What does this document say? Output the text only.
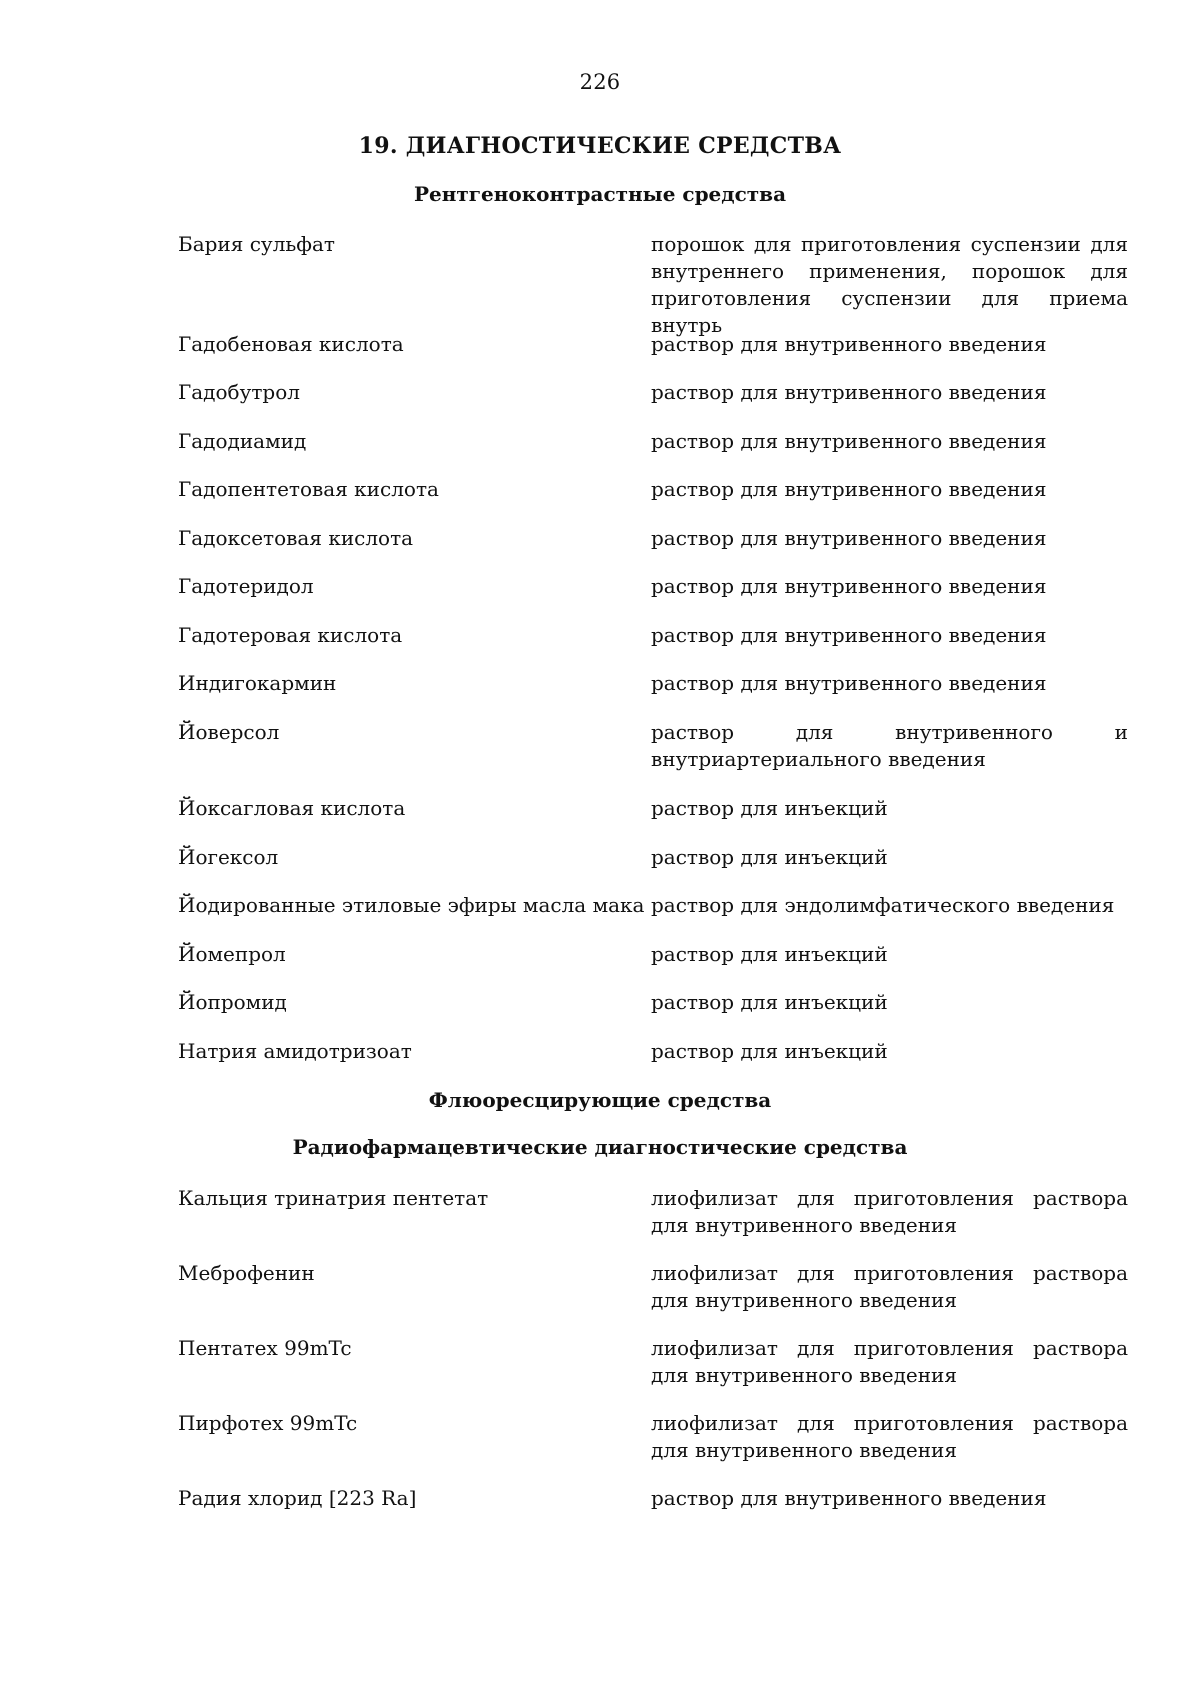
226
19. ДИАГНОСТИЧЕСКИЕ СРЕДСТВА
Рентгеноконтрастные средства
Бария сульфат	порошок для приготовления суспензии для внутреннего применения, порошок для приготовления суспензии для приема внутрь
Гадобеновая кислота	раствор для внутривенного введения
Гадобутрол	раствор для внутривенного введения
Гадодиамид	раствор для внутривенного введения
Гадопентетовая кислота	раствор для внутривенного введения
Гадоксетовая кислота	раствор для внутривенного введения
Гадотеридол	раствор для внутривенного введения
Гадотеровая кислота	раствор для внутривенного введения
Индигокармин	раствор для внутривенного введения
Йоверсол	раствор для внутривенного и внутриартериального введения
Йоксагловая кислота	раствор для инъекций
Йогексол	раствор для инъекций
Йодированные этиловые эфиры масла мака раствор для эндолимфатического введения
Йомепрол	раствор для инъекций
Йопромид	раствор для инъекций
Натрия амидотризоат	раствор для инъекций
Флюоресцирующие средства
Радиофармацевтические диагностические средства
Кальция тринатрия пентетат	лиофилизат для приготовления раствора для внутривенного введения
Меброфенин	лиофилизат для приготовления раствора для внутривенного введения
Пентатех 99mTc	лиофилизат для приготовления раствора для внутривенного введения
Пирфотех 99mTc	лиофилизат для приготовления раствора для внутривенного введения
Радия хлорид [223 Ra]	раствор для внутривенного введения
